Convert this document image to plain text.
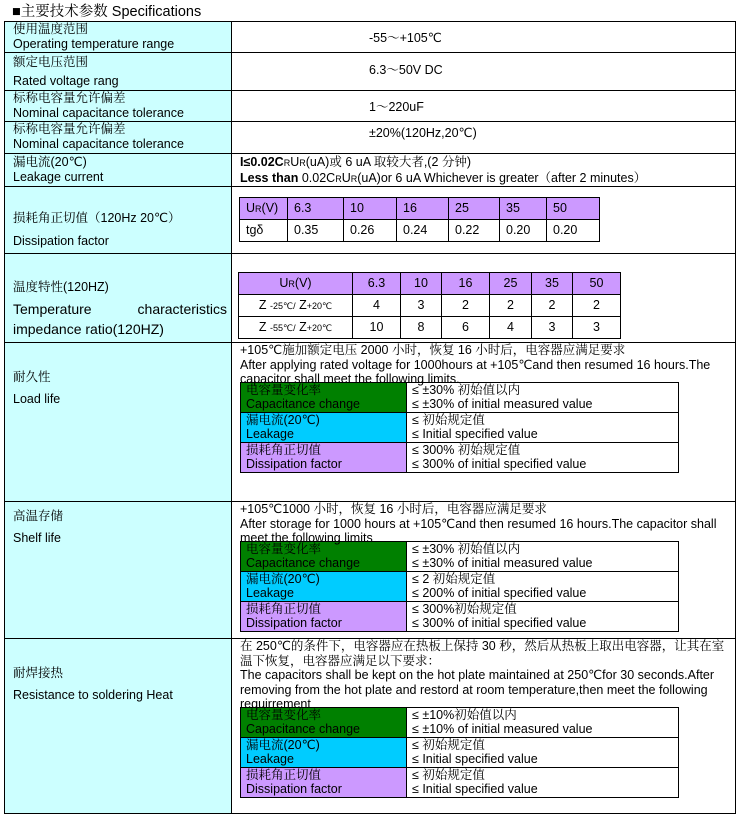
■主要技术参数 Specifications
使用温度范围
Operating temperature range	-55～+105℃

额定电压范围
Rated voltage rang
	6.3～50V DC

标称电容量允许偏差
Nominal capacitance tolerance	1～220uF

标称电容量允许偏差
Nominal capacitance tolerance
	±20%(120Hz,20℃)

漏电流(20℃)
Leakage current

I≤0.02CRUR(uA)或 6 uA 取较大者,(2 分钟)
Less than 0.02CRUR(uA)or 6 uA Whichever is greater（after 2 minutes）

损耗角正切值（120Hz 20℃）
Dissipation factor

UR(V)	6.3	10	16	25	35	50
tgδ	0.35	0.26	0.24	0.22	0.20	0.20

温度特性(120HZ)
Temperature	characteristics
impedance ratio(120HZ)

UR(V)	6.3	10	16	25	35	50
Z -25℃/ Z+20℃	4	3	2	2	2	2
Z -55℃/ Z+20℃	10	8	6	4	3	3

耐久性
Load life

+105℃施加额定电压 2000 小时，恢复 16 小时后，电容器应满足要求
After applying rated voltage for 1000hours at +105℃and then resumed 16 hours.The
capacitor shall meet the following limits.
电容量变化率
Capacitance change

≤ ±30% 初始值以内
≤ ±30% of initial measured value

漏电流(20℃)
Leakage

≤ 初始规定值
≤ Initial specified value

损耗角正切值
Dissipation factor

≤ 300% 初始规定值
≤ 300% of initial specified value

高温存储
Shelf life

+105℃1000 小时，恢复 16 小时后，电容器应满足要求
After storage for 1000 hours at +105℃and then resumed 16 hours.The capacitor shall
meet the following limits
电容量变化率
Capacitance change

≤ ±30% 初始值以内
≤ ±30% of initial measured value

漏电流(20℃)
Leakage

≤ 2 初始规定值
≤ 200% of initial specified value

损耗角正切值
Dissipation factor

≤ 300%初始规定值
≤ 300% of initial specified value

耐焊接热
Resistance to soldering Heat

在 250℃的条件下，电容器应在热板上保持 30 秒，然后从热板上取出电容器，让其在室
温下恢复，电容器应满足以下要求：
The capacitors shall be kept on the hot plate maintained at 250℃for 30 seconds.After
removing from the hot plate and restord at room temperature,then meet the following
requirrement
电容量变化率
Capacitance change

≤ ±10%初始值以内
≤ ±10% of initial measured value

漏电流(20℃)
Leakage

≤ 初始规定值
≤ Initial specified value

损耗角正切值
Dissipation factor

≤ 初始规定值
≤ Initial specified value
